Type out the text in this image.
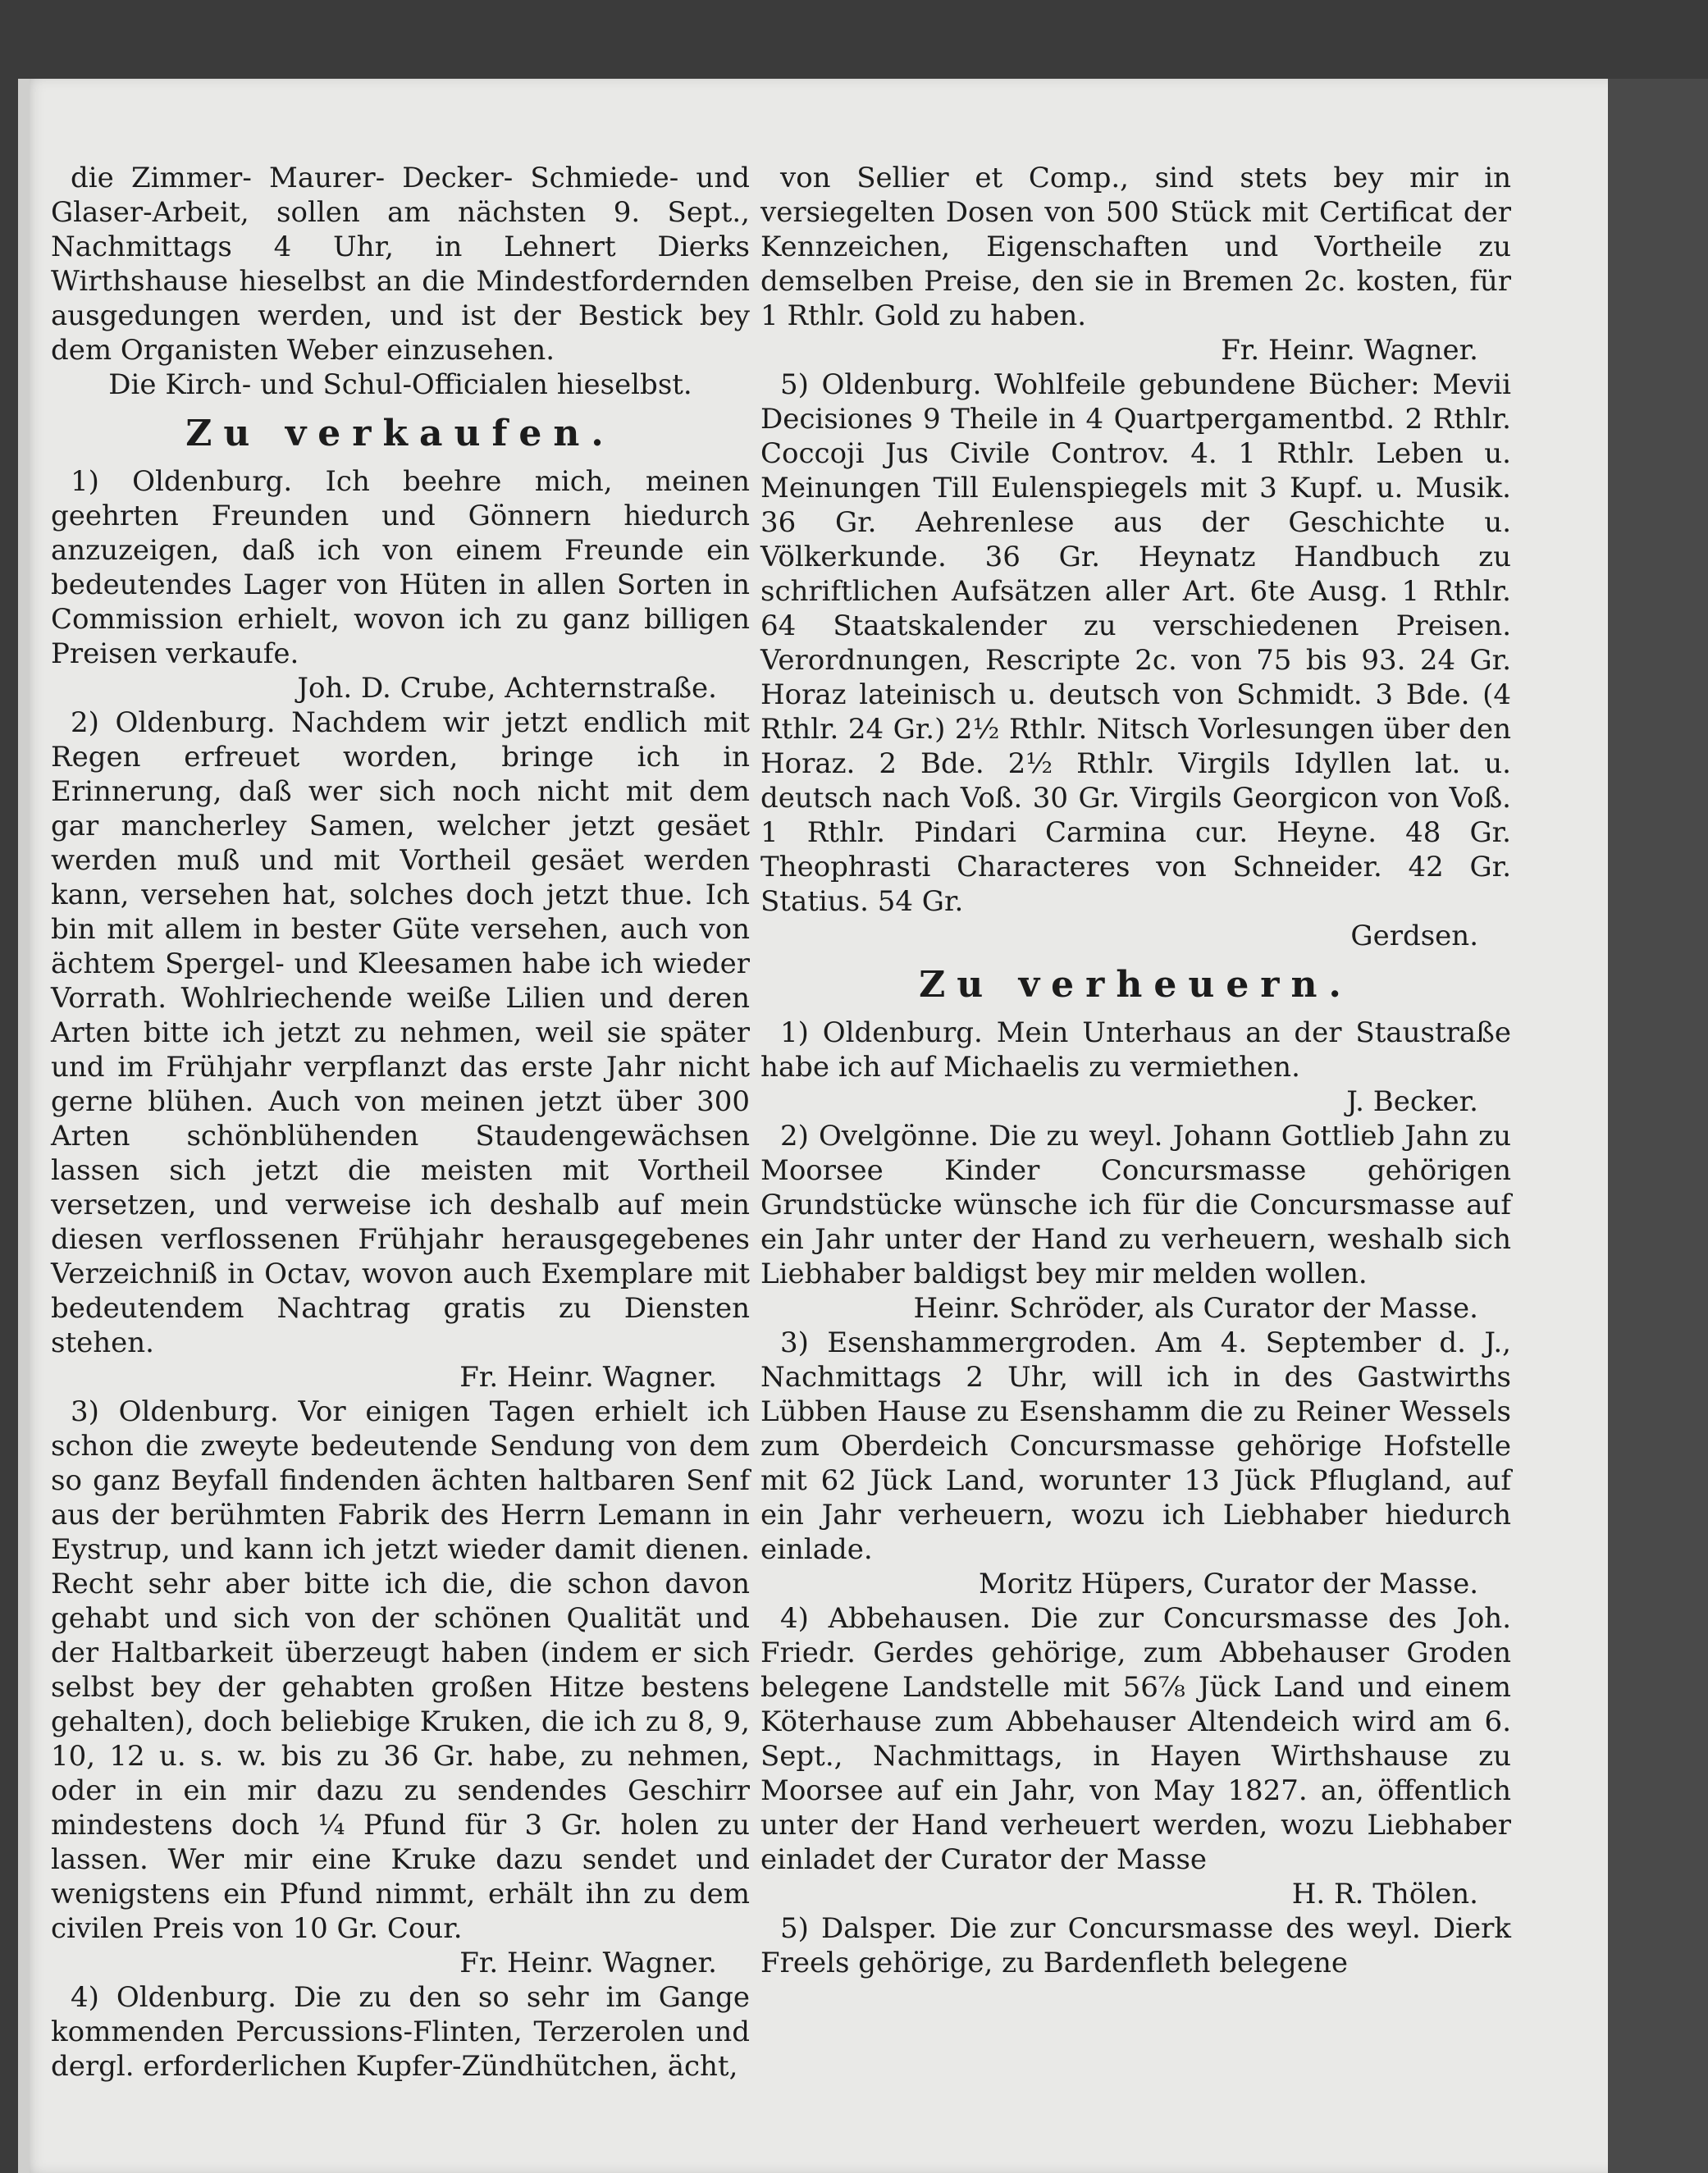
die Zimmer- Maurer- Decker- Schmiede- und Glaser-Arbeit, sollen am nächsten 9. Sept., Nachmittags 4 Uhr, in Lehnert Dierks Wirthshause hieselbst an die Mindestfordernden ausgedungen werden, und ist der Bestick bey dem Organisten Weber einzusehen.

Die Kirch- und Schul-Officialen hieselbst.

Zu verkaufen.

1) Oldenburg. Ich beehre mich, meinen geehrten Freunden und Gönnern hiedurch anzuzeigen, daß ich von einem Freunde ein bedeutendes Lager von Hüten in allen Sorten in Commission erhielt, wovon ich zu ganz billigen Preisen verkaufe.

Joh. D. Crube, Achternstraße.

2) Oldenburg. Nachdem wir jetzt endlich mit Regen erfreuet worden, bringe ich in Erinnerung, daß wer sich noch nicht mit dem gar mancherley Samen, welcher jetzt gesäet werden muß und mit Vortheil gesäet werden kann, versehen hat, solches doch jetzt thue. Ich bin mit allem in bester Güte versehen, auch von ächtem Spergel- und Kleesamen habe ich wieder Vorrath. Wohlriechende weiße Lilien und deren Arten bitte ich jetzt zu nehmen, weil sie später und im Frühjahr verpflanzt das erste Jahr nicht gerne blühen. Auch von meinen jetzt über 300 Arten schönblühenden Staudengewächsen lassen sich jetzt die meisten mit Vortheil versetzen, und verweise ich deshalb auf mein diesen verflossenen Frühjahr herausgegebenes Verzeichniß in Octav, wovon auch Exemplare mit bedeutendem Nachtrag gratis zu Diensten stehen.

Fr. Heinr. Wagner.

3) Oldenburg. Vor einigen Tagen erhielt ich schon die zweyte bedeutende Sendung von dem so ganz Beyfall findenden ächten haltbaren Senf aus der berühmten Fabrik des Herrn Lemann in Eystrup, und kann ich jetzt wieder damit dienen. Recht sehr aber bitte ich die, die schon davon gehabt und sich von der schönen Qualität und der Haltbarkeit überzeugt haben (indem er sich selbst bey der gehabten großen Hitze bestens gehalten), doch beliebige Kruken, die ich zu 8, 9, 10, 12 u. s. w. bis zu 36 Gr. habe, zu nehmen, oder in ein mir dazu zu sendendes Geschirr mindestens doch ¼ Pfund für 3 Gr. holen zu lassen. Wer mir eine Kruke dazu sendet und wenigstens ein Pfund nimmt, erhält ihn zu dem civilen Preis von 10 Gr. Cour.

Fr. Heinr. Wagner.

4) Oldenburg. Die zu den so sehr im Gange kommenden Percussions-Flinten, Terzerolen und dergl. erforderlichen Kupfer-Zündhütchen, ächt,

von Sellier et Comp., sind stets bey mir in versiegelten Dosen von 500 Stück mit Certificat der Kennzeichen, Eigenschaften und Vortheile zu demselben Preise, den sie in Bremen 2c. kosten, für 1 Rthlr. Gold zu haben.

Fr. Heinr. Wagner.

5) Oldenburg. Wohlfeile gebundene Bücher: Mevii Decisiones 9 Theile in 4 Quartpergamentbd. 2 Rthlr. Coccoji Jus Civile Controv. 4. 1 Rthlr. Leben u. Meinungen Till Eulenspiegels mit 3 Kupf. u. Musik. 36 Gr. Aehrenlese aus der Geschichte u. Völkerkunde. 36 Gr. Heynatz Handbuch zu schriftlichen Aufsätzen aller Art. 6te Ausg. 1 Rthlr. 64 Staatskalender zu verschiedenen Preisen. Verordnungen, Rescripte 2c. von 75 bis 93. 24 Gr. Horaz lateinisch u. deutsch von Schmidt. 3 Bde. (4 Rthlr. 24 Gr.) 2½ Rthlr. Nitsch Vorlesungen über den Horaz. 2 Bde. 2½ Rthlr. Virgils Idyllen lat. u. deutsch nach Voß. 30 Gr. Virgils Georgicon von Voß. 1 Rthlr. Pindari Carmina cur. Heyne. 48 Gr. Theophrasti Characteres von Schneider. 42 Gr. Statius. 54 Gr.

Gerdsen.

Zu verheuern.

1) Oldenburg. Mein Unterhaus an der Staustraße habe ich auf Michaelis zu vermiethen.

J. Becker.

2) Ovelgönne. Die zu weyl. Johann Gottlieb Jahn zu Moorsee Kinder Concursmasse gehörigen Grundstücke wünsche ich für die Concursmasse auf ein Jahr unter der Hand zu verheuern, weshalb sich Liebhaber baldigst bey mir melden wollen.

Heinr. Schröder, als Curator der Masse.

3) Esenshammergroden. Am 4. September d. J., Nachmittags 2 Uhr, will ich in des Gastwirths Lübben Hause zu Esenshamm die zu Reiner Wessels zum Oberdeich Concursmasse gehörige Hofstelle mit 62 Jück Land, worunter 13 Jück Pflugland, auf ein Jahr verheuern, wozu ich Liebhaber hiedurch einlade.

Moritz Hüpers, Curator der Masse.

4) Abbehausen. Die zur Concursmasse des Joh. Friedr. Gerdes gehörige, zum Abbehauser Groden belegene Landstelle mit 56⅞ Jück Land und einem Köterhause zum Abbehauser Altendeich wird am 6. Sept., Nachmittags, in Hayen Wirthshause zu Moorsee auf ein Jahr, von May 1827. an, öffentlich unter der Hand verheuert werden, wozu Liebhaber einladet der Curator der Masse

H. R. Thölen.

5) Dalsper. Die zur Concursmasse des weyl. Dierk Freels gehörige, zu Bardenfleth belegene
